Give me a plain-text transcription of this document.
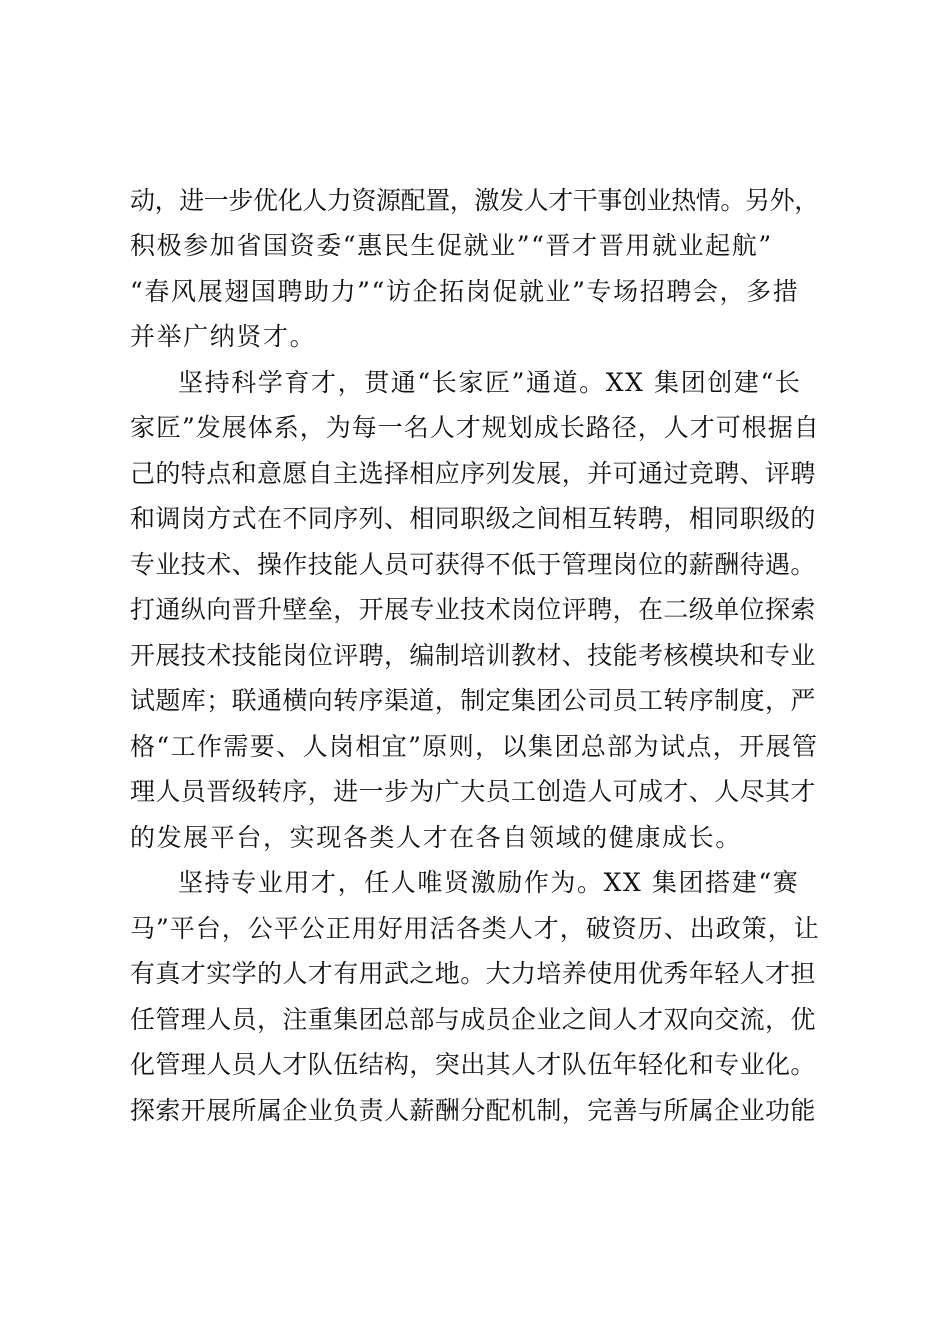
动，进一步优化人力资源配置，激发人才干事创业热情。另外，
积极参加省国资委“惠民生促就业”“晋才晋用就业起航”
“春风展翅国聘助力”“访企拓岗促就业”专场招聘会，多措
并举广纳贤才。
坚持科学育才，贯通“长家匠”通道。XX 集团创建“长
家匠”发展体系，为每一名人才规划成长路径，人才可根据自
己的特点和意愿自主选择相应序列发展，并可通过竞聘、评聘
和调岗方式在不同序列、相同职级之间相互转聘，相同职级的
专业技术、操作技能人员可获得不低于管理岗位的薪酬待遇。
打通纵向晋升壁垒，开展专业技术岗位评聘，在二级单位探索
开展技术技能岗位评聘，编制培训教材、技能考核模块和专业
试题库；联通横向转序渠道，制定集团公司员工转序制度，严
格“工作需要、人岗相宜”原则，以集团总部为试点，开展管
理人员晋级转序，进一步为广大员工创造人可成才、人尽其才
的发展平台，实现各类人才在各自领域的健康成长。
坚持专业用才，任人唯贤激励作为。XX 集团搭建“赛
马”平台，公平公正用好用活各类人才，破资历、出政策，让
有真才实学的人才有用武之地。大力培养使用优秀年轻人才担
任管理人员，注重集团总部与成员企业之间人才双向交流，优
化管理人员人才队伍结构，突出其人才队伍年轻化和专业化。
探索开展所属企业负责人薪酬分配机制，完善与所属企业功能
